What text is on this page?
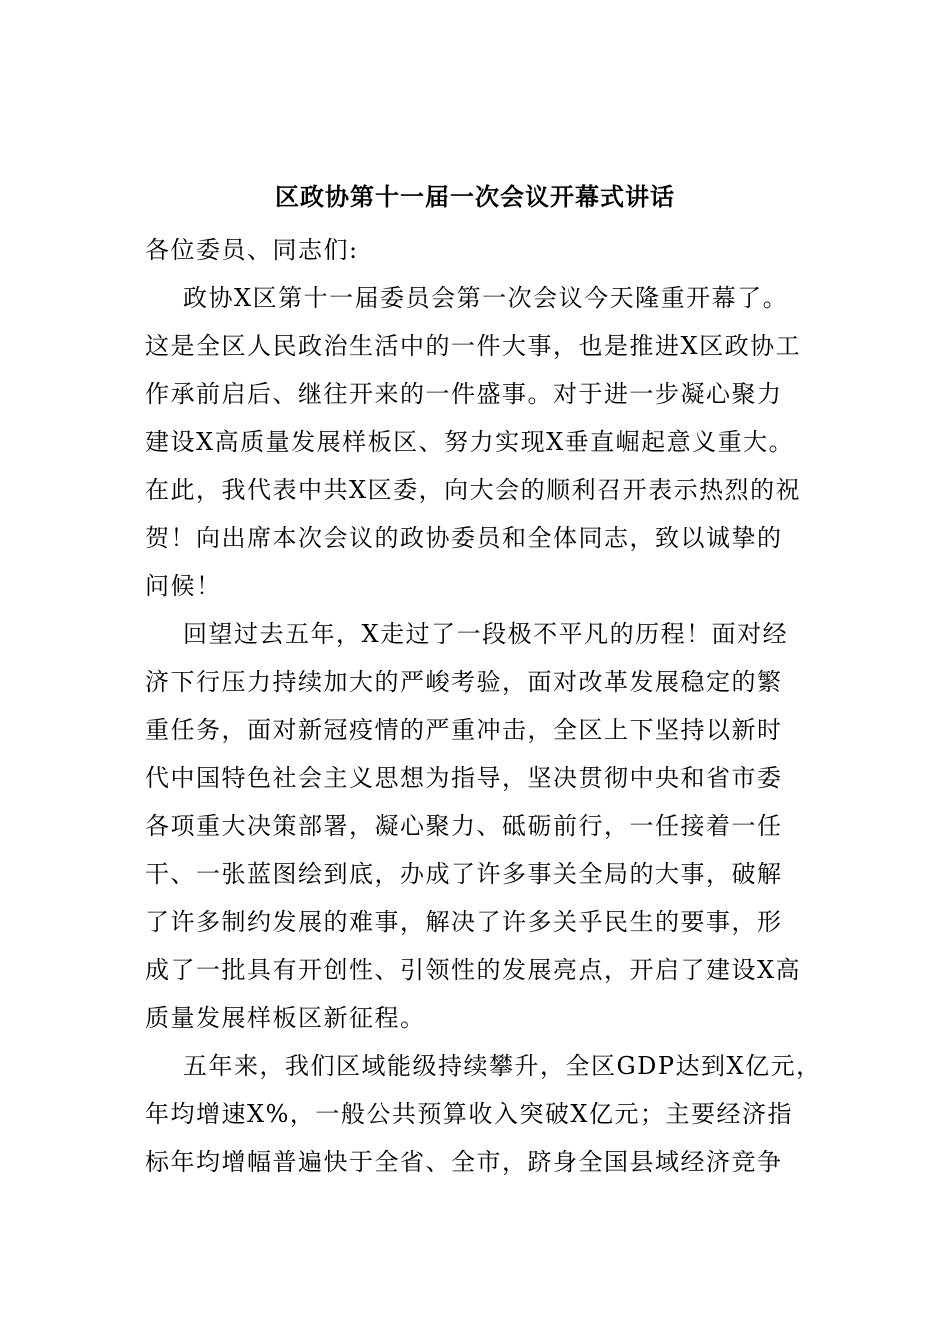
区政协第十一届一次会议开幕式讲话
各位委员、同志们:
政协X区第十一届委员会第一次会议今天隆重开幕了。
这是全区人民政治生活中的一件大事，也是推进X区政协工
作承前启后、继往开来的一件盛事。对于进一步凝心聚力
建设X高质量发展样板区、努力实现X垂直崛起意义重大。
在此，我代表中共X区委，向大会的顺利召开表示热烈的祝
贺！向出席本次会议的政协委员和全体同志，致以诚挚的
问候！
回望过去五年，X走过了一段极不平凡的历程！面对经
济下行压力持续加大的严峻考验，面对改革发展稳定的繁
重任务，面对新冠疫情的严重冲击，全区上下坚持以新时
代中国特色社会主义思想为指导，坚决贯彻中央和省市委
各项重大决策部署，凝心聚力、砥砺前行，一任接着一任
干、一张蓝图绘到底，办成了许多事关全局的大事，破解
了许多制约发展的难事，解决了许多关乎民生的要事，形
成了一批具有开创性、引领性的发展亮点，开启了建设X高
质量发展样板区新征程。
五年来，我们区域能级持续攀升，全区GDP达到X亿元，
年均增速X%，一般公共预算收入突破X亿元；主要经济指
标年均增幅普遍快于全省、全市，跻身全国县域经济竞争
